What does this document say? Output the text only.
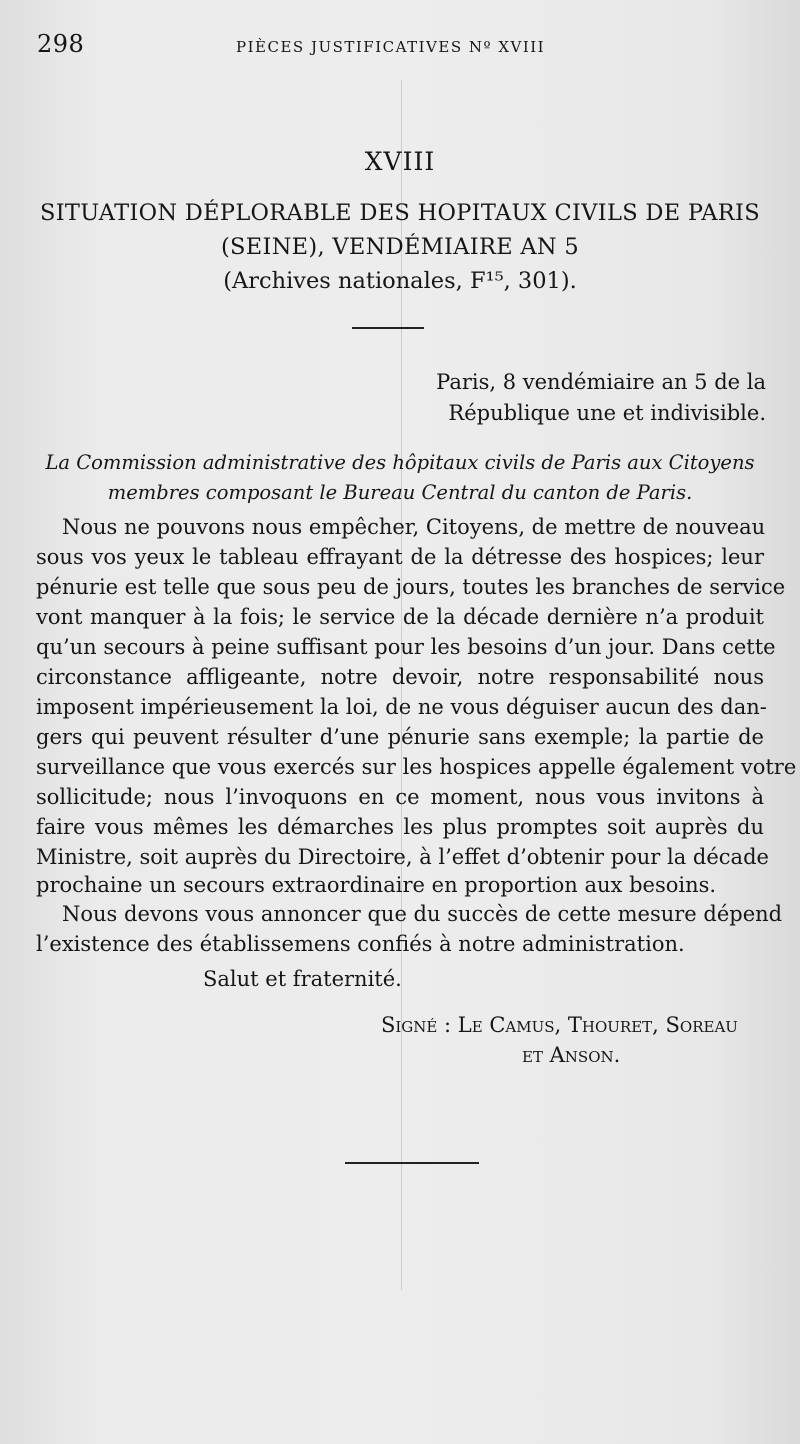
298	PIÈCES JUSTIFICATIVES Nº XVIII
XVIII
SITUATION DÉPLORABLE DES HOPITAUX CIVILS DE PARIS
(SEINE), VENDÉMIAIRE AN 5
(Archives nationales, F¹⁵, 301).
Paris, 8 vendémiaire an 5 de la
République une et indivisible.
La Commission administrative des hôpitaux civils de Paris aux Citoyens
membres composant le Bureau Central du canton de Paris.
Nous ne pouvons nous empêcher, Citoyens, de mettre de nouveau
sous vos yeux le tableau effrayant de la détresse des hospices; leur
pénurie est telle que sous peu de jours, toutes les branches de service
vont manquer à la fois; le service de la décade dernière n’a produit
qu’un secours à peine suffisant pour les besoins d’un jour. Dans cette
circonstance affligeante, notre devoir, notre responsabilité nous
imposent impérieusement la loi, de ne vous déguiser aucun des dan-
gers qui peuvent résulter d’une pénurie sans exemple; la partie de
surveillance que vous exercés sur les hospices appelle également votre
sollicitude; nous l’invoquons en ce moment, nous vous invitons à
faire vous mêmes les démarches les plus promptes soit auprès du
Ministre, soit auprès du Directoire, à l’effet d’obtenir pour la décade
prochaine un secours extraordinaire en proportion aux besoins.
Nous devons vous annoncer que du succès de cette mesure dépend
l’existence des établissemens confiés à notre administration.
Salut et fraternité.
Signé : Le Camus, Thouret, Soreau
et Anson.
